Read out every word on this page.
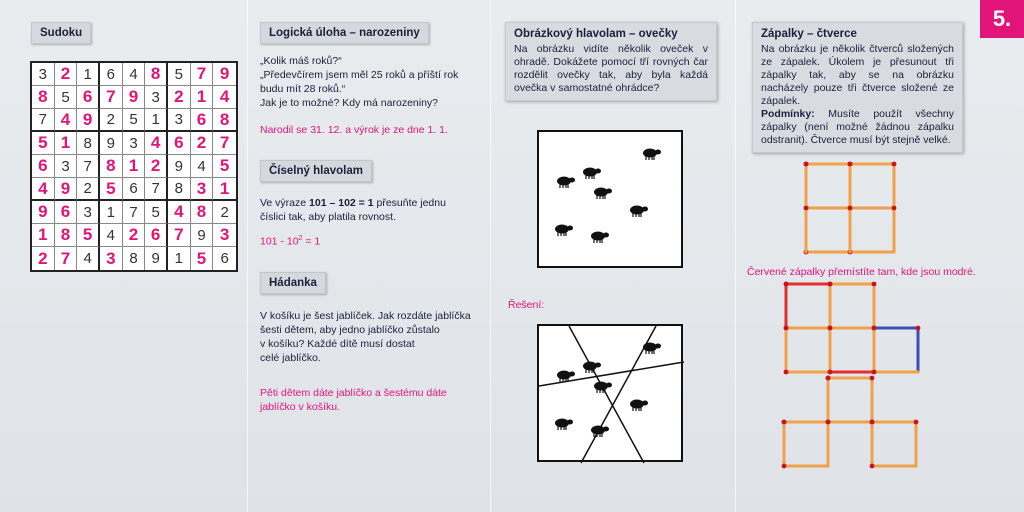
5.
Sudoku
3 2 1 6 4 8 5 7 9
8 5 6 7 9 3 2 1 4
7 4 9 2 5 1 3 6 8
5 1 8 9 3 4 6 2 7
6 3 7 8 1 2 9 4 5
4 9 2 5 6 7 8 3 1
9 6 3 1 7 5 4 8 2
1 8 5 4 2 6 7 9 3
2 7 4 3 8 9 1 5 6
Logická úloha – narozeniny
„Kolik máš roků?“
„Předevčírem jsem měl 25 roků a příští rok
budu mít 28 roků.“
Jak je to možné? Kdy má narozeniny?
Narodil se 31. 12. a výrok je ze dne 1. 1.
Číselný hlavolam
Ve výraze 101 – 102 = 1 přesuňte jednu
číslici tak, aby platila rovnost.
$101 - 10^2 = 1$
Hádanka
V košíku je šest jablíček. Jak rozdáte jablíčka
šesti dětem, aby jedno jablíčko zůstalo
v košíku? Každé dítě musí dostat
celé jablíčko.
Pěti dětem dáte jablíčko a šestému dáte
jablíčko v košíku.
Obrázkový hlavolam – ovečky
Na obrázku vidíte několik oveček v ohradě. Dokážete pomocí tří rovných čar rozdělit ovečky tak, aby byla každá ovečka v samostatné ohrádce?
Řešení:
Zápalky – čtverce
Na obrázku je několik čtverců složených ze zápalek. Úkolem je přesunout tři zápalky tak, aby se na obrázku nacházely pouze tři čtverce složené ze zápalek.
Podmínky: Musíte použít všechny zápalky (není možné žádnou zápalku odstranit). Čtverce musí být stejně velké.
Červené zápalky přemístíte tam, kde jsou modré.
